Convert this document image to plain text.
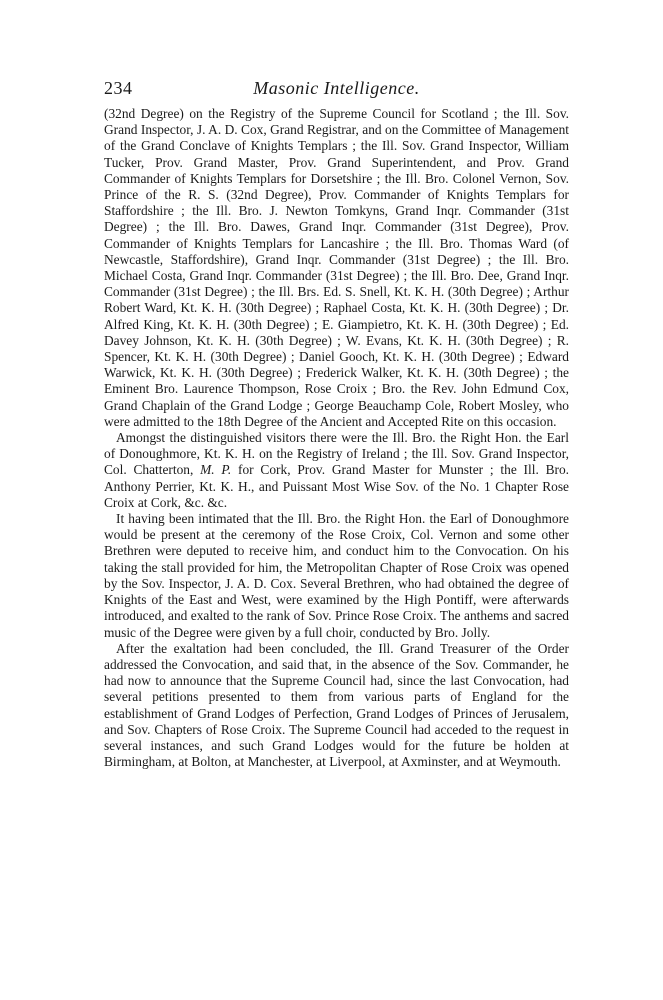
234	Masonic Intelligence.

(32nd Degree) on the Registry of the Supreme Council for Scotland ; the Ill. Sov. Grand Inspector, J. A. D. Cox, Grand Registrar, and on the Committee of Management of the Grand Conclave of Knights Templars ; the Ill. Sov. Grand Inspector, William Tucker, Prov. Grand Master, Prov. Grand Superintendent, and Prov. Grand Commander of Knights Templars for Dorsetshire ; the Ill. Bro. Colonel Vernon, Sov. Prince of the R. S. (32nd Degree), Prov. Commander of Knights Templars for Staffordshire ; the Ill. Bro. J. Newton Tomkyns, Grand Inqr. Commander (31st Degree) ; the Ill. Bro. Dawes, Grand Inqr. Commander (31st Degree), Prov. Commander of Knights Templars for Lancashire ; the Ill. Bro. Thomas Ward (of Newcastle, Staffordshire), Grand Inqr. Commander (31st Degree) ; the Ill. Bro. Michael Costa, Grand Inqr. Commander (31st Degree) ; the Ill. Bro. Dee, Grand Inqr. Commander (31st Degree) ; the Ill. Brs. Ed. S. Snell, Kt. K. H. (30th Degree) ; Arthur Robert Ward, Kt. K. H. (30th Degree) ; Raphael Costa, Kt. K. H. (30th Degree) ; Dr. Alfred King, Kt. K. H. (30th Degree) ; E. Giampietro, Kt. K. H. (30th Degree) ; Ed. Davey Johnson, Kt. K. H. (30th Degree) ; W. Evans, Kt. K. H. (30th Degree) ; R. Spencer, Kt. K. H. (30th Degree) ; Daniel Gooch, Kt. K. H. (30th Degree) ; Edward Warwick, Kt. K. H. (30th Degree) ; Frederick Walker, Kt. K. H. (30th Degree) ; the Eminent Bro. Laurence Thompson, Rose Croix ; Bro. the Rev. John Edmund Cox, Grand Chaplain of the Grand Lodge ; George Beauchamp Cole, Robert Mosley, who were admitted to the 18th Degree of the Ancient and Accepted Rite on this occasion.

Amongst the distinguished visitors there were the Ill. Bro. the Right Hon. the Earl of Donoughmore, Kt. K. H. on the Registry of Ireland ; the Ill. Sov. Grand Inspector, Col. Chatterton, M. P. for Cork, Prov. Grand Master for Munster ; the Ill. Bro. Anthony Perrier, Kt. K. H., and Puissant Most Wise Sov. of the No. 1 Chapter Rose Croix at Cork, &c. &c.

It having been intimated that the Ill. Bro. the Right Hon. the Earl of Donoughmore would be present at the ceremony of the Rose Croix, Col. Vernon and some other Brethren were deputed to receive him, and conduct him to the Convocation. On his taking the stall provided for him, the Metropolitan Chapter of Rose Croix was opened by the Sov. Inspector, J. A. D. Cox. Several Brethren, who had obtained the degree of Knights of the East and West, were examined by the High Pontiff, were afterwards introduced, and exalted to the rank of Sov. Prince Rose Croix. The anthems and sacred music of the Degree were given by a full choir, conducted by Bro. Jolly.

After the exaltation had been concluded, the Ill. Grand Treasurer of the Order addressed the Convocation, and said that, in the absence of the Sov. Commander, he had now to announce that the Supreme Council had, since the last Convocation, had several petitions presented to them from various parts of England for the establishment of Grand Lodges of Perfection, Grand Lodges of Princes of Jerusalem, and Sov. Chapters of Rose Croix. The Supreme Council had acceded to the request in several instances, and such Grand Lodges would for the future be holden at Birmingham, at Bolton, at Manchester, at Liverpool, at Axminster, and at Weymouth.
